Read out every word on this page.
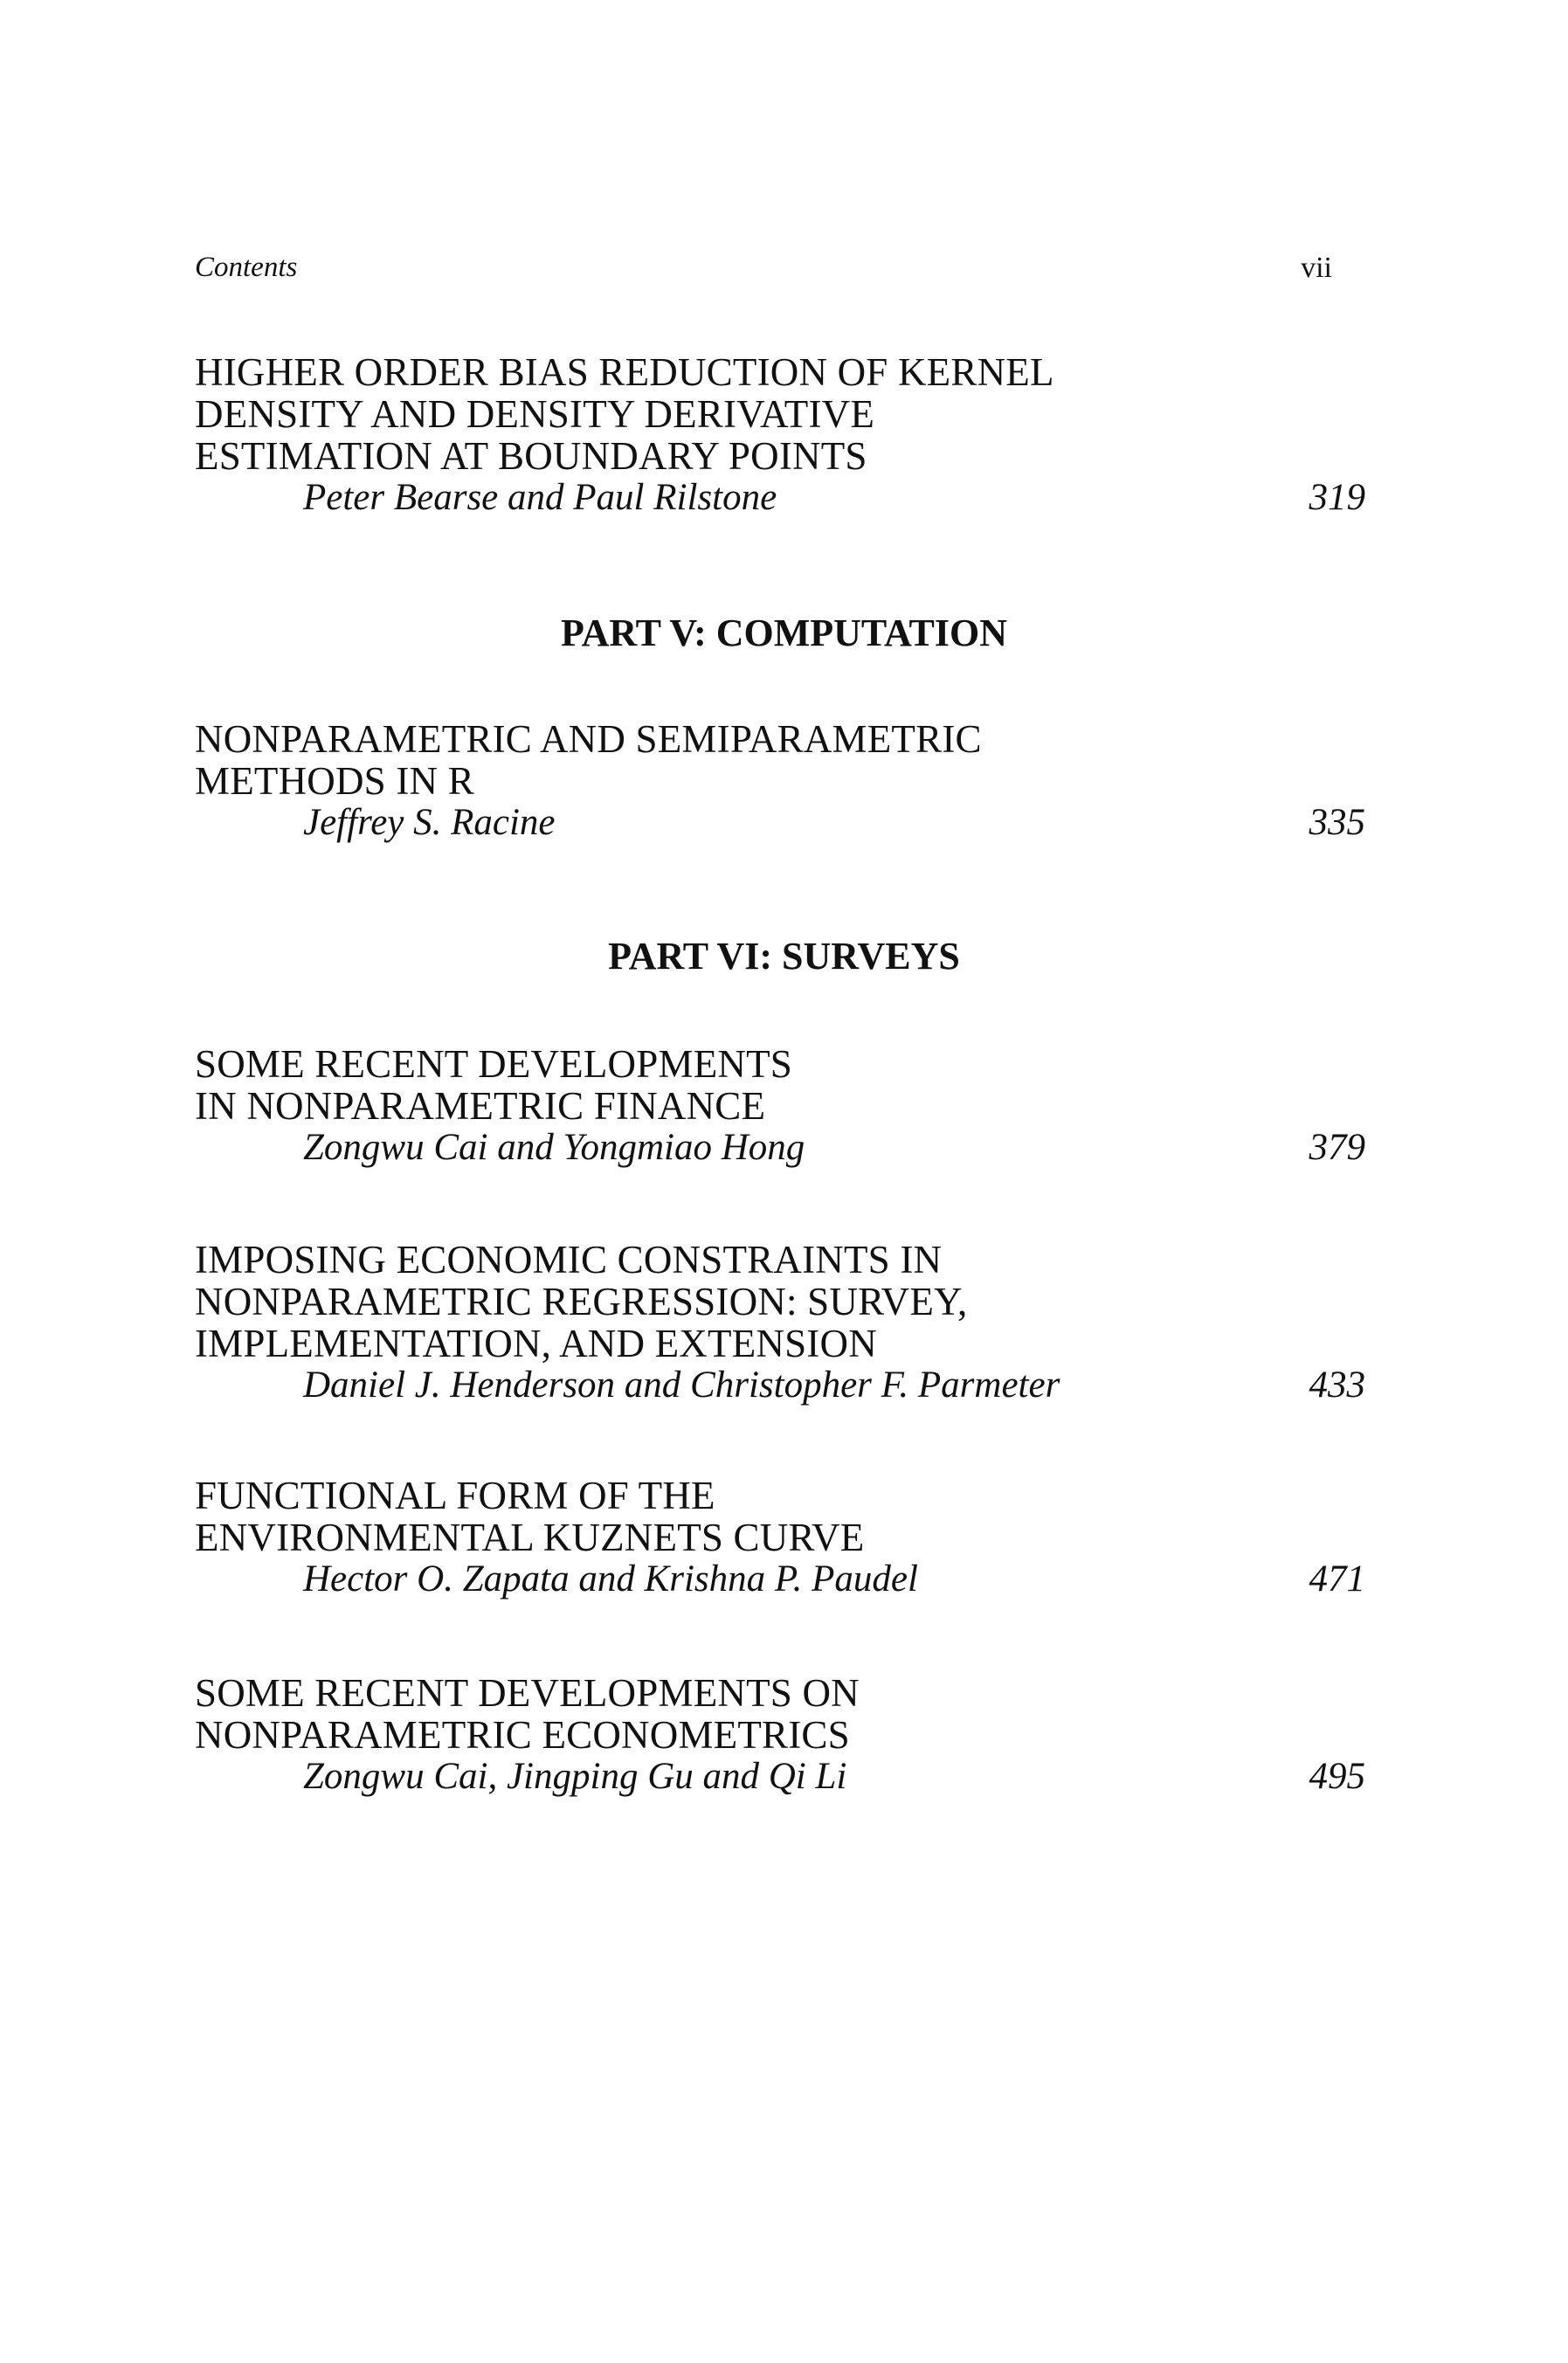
Contents	vii
HIGHER ORDER BIAS REDUCTION OF KERNEL
DENSITY AND DENSITY DERIVATIVE
ESTIMATION AT BOUNDARY POINTS
Peter Bearse and Paul Rilstone	319
PART V: COMPUTATION
NONPARAMETRIC AND SEMIPARAMETRIC
METHODS IN R
Jeffrey S. Racine	335
PART VI: SURVEYS
SOME RECENT DEVELOPMENTS
IN NONPARAMETRIC FINANCE
Zongwu Cai and Yongmiao Hong	379
IMPOSING ECONOMIC CONSTRAINTS IN
NONPARAMETRIC REGRESSION: SURVEY,
IMPLEMENTATION, AND EXTENSION
Daniel J. Henderson and Christopher F. Parmeter	433
FUNCTIONAL FORM OF THE
ENVIRONMENTAL KUZNETS CURVE
Hector O. Zapata and Krishna P. Paudel	471
SOME RECENT DEVELOPMENTS ON
NONPARAMETRIC ECONOMETRICS
Zongwu Cai, Jingping Gu and Qi Li	495
